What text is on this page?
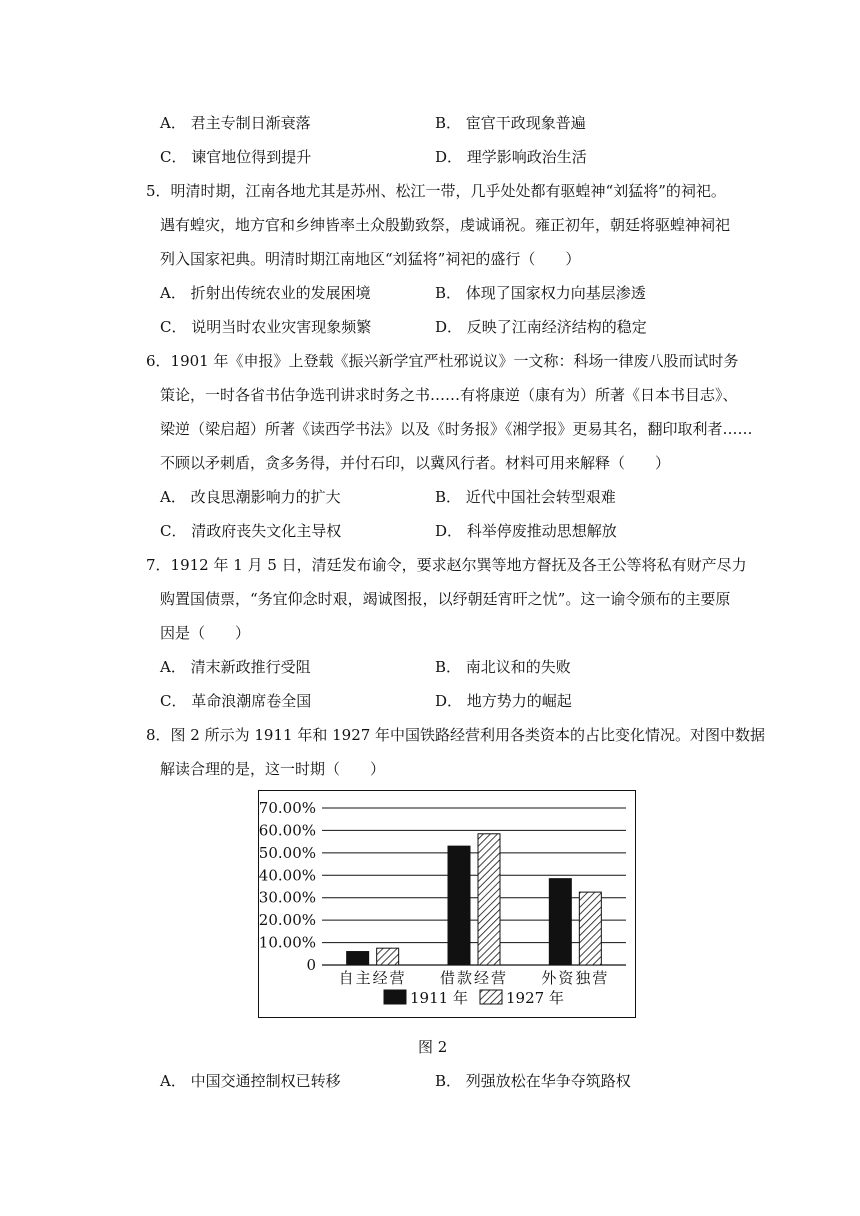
A． 君主专制日渐衰落	B． 宦官干政现象普遍
C． 谏官地位得到提升	D． 理学影响政治生活
5．明清时期，江南各地尤其是苏州、松江一带，几乎处处都有驱蝗神“刘猛将”的祠祀。
遇有蝗灾，地方官和乡绅皆率土众殷勤致祭，虔诚诵祝。雍正初年，朝廷将驱蝗神祠祀
列入国家祀典。明清时期江南地区“刘猛将”祠祀的盛行（　　）
A． 折射出传统农业的发展困境	B． 体现了国家权力向基层渗透
C． 说明当时农业灾害现象频繁	D． 反映了江南经济结构的稳定
6．1901 年《申报》上登载《振兴新学宜严杜邪说议》一文称：科场一律废八股而试时务
策论，一时各省书估争选刊讲求时务之书……有将康逆（康有为）所著《日本书目志》、
梁逆（梁启超）所著《读西学书法》以及《时务报》《湘学报》更易其名，翻印取利者……
不顾以矛刺盾，贪多务得，并付石印，以冀风行者。材料可用来解释（　　）
A． 改良思潮影响力的扩大	B． 近代中国社会转型艰难
C． 清政府丧失文化主导权	D． 科举停废推动思想解放
7．1912 年 1 月 5 日，清廷发布谕令，要求赵尔巽等地方督抚及各王公等将私有财产尽力
购置国债票，“务宜仰念时艰，竭诚图报，以纾朝廷宵旰之忧”。这一谕令颁布的主要原
因是（　　）
A． 清末新政推行受阻	B． 南北议和的失败
C． 革命浪潮席卷全国	D． 地方势力的崛起
8．图 2 所示为 1911 年和 1927 年中国铁路经营利用各类资本的占比变化情况。对图中数据
解读合理的是，这一时期（　　）
0
10.00%
20.00%
30.00%
40.00%
50.00%
60.00%
70.00%
自主经营 借款经营 外资独营
1911 年	1927 年
图 2
A． 中国交通控制权已转移	B． 列强放松在华争夺筑路权
